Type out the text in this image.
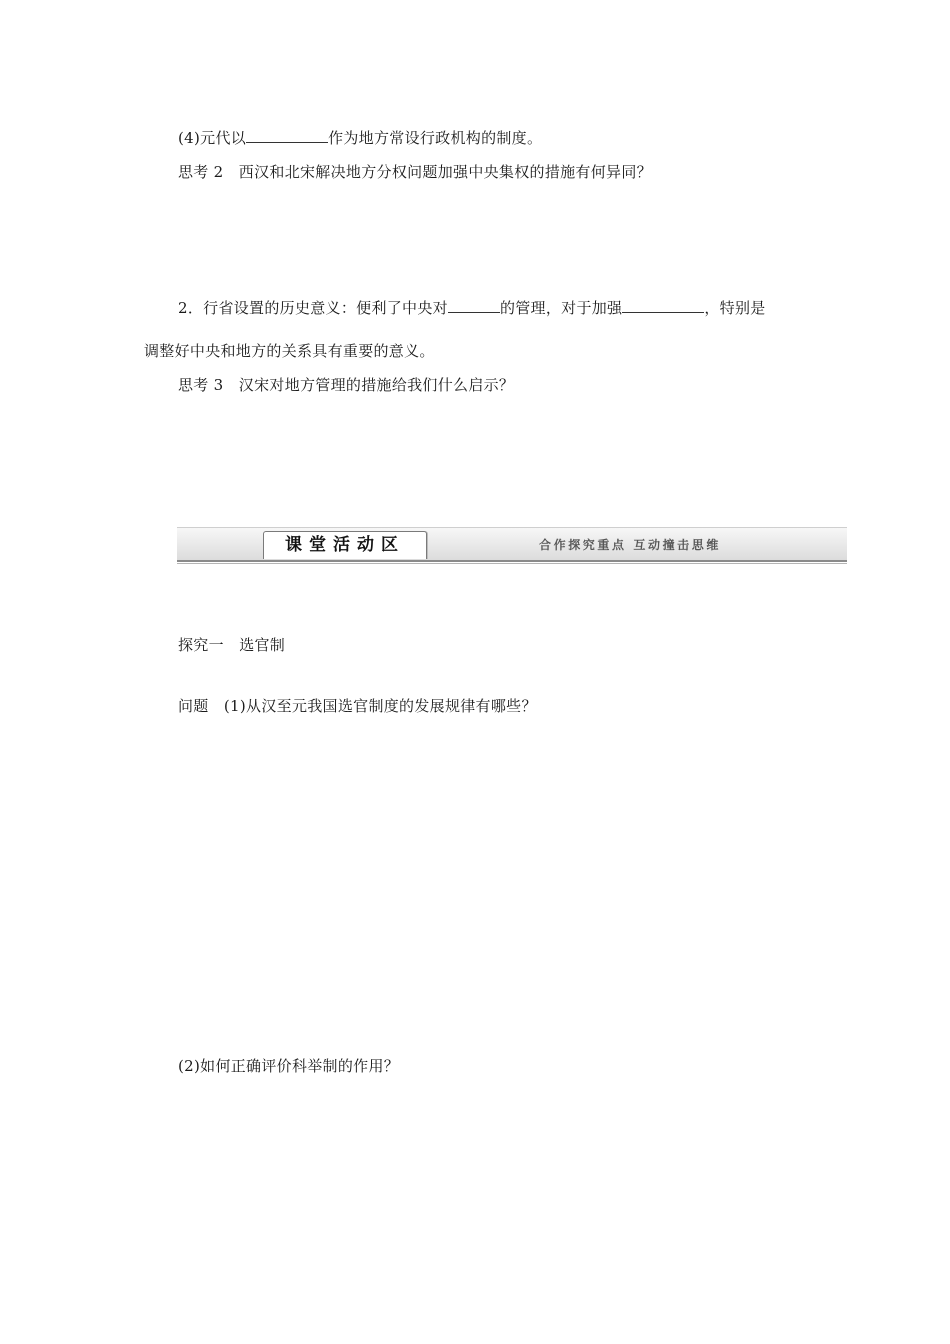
(4)元代以	作为地方常设行政机构的制度。
思考 2　西汉和北宋解决地方分权问题加强中央集权的措施有何异同？
2．行省设置的历史意义：便利了中央对	的管理，对于加强	，特别是
调整好中央和地方的关系具有重要的意义。
思考 3　汉宋对地方管理的措施给我们什么启示？
课堂活动区	合作探究重点 互动撞击思维
探究一　选官制
问题　(1)从汉至元我国选官制度的发展规律有哪些？
(2)如何正确评价科举制的作用？
